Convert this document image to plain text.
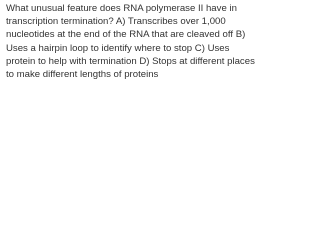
What unusual feature does RNA polymerase II have in transcription termination? A) Transcribes over 1,000 nucleotides at the end of the RNA that are cleaved off B) Uses a hairpin loop to identify where to stop C) Uses protein to help with termination D) Stops at different places to make different lengths of proteins
